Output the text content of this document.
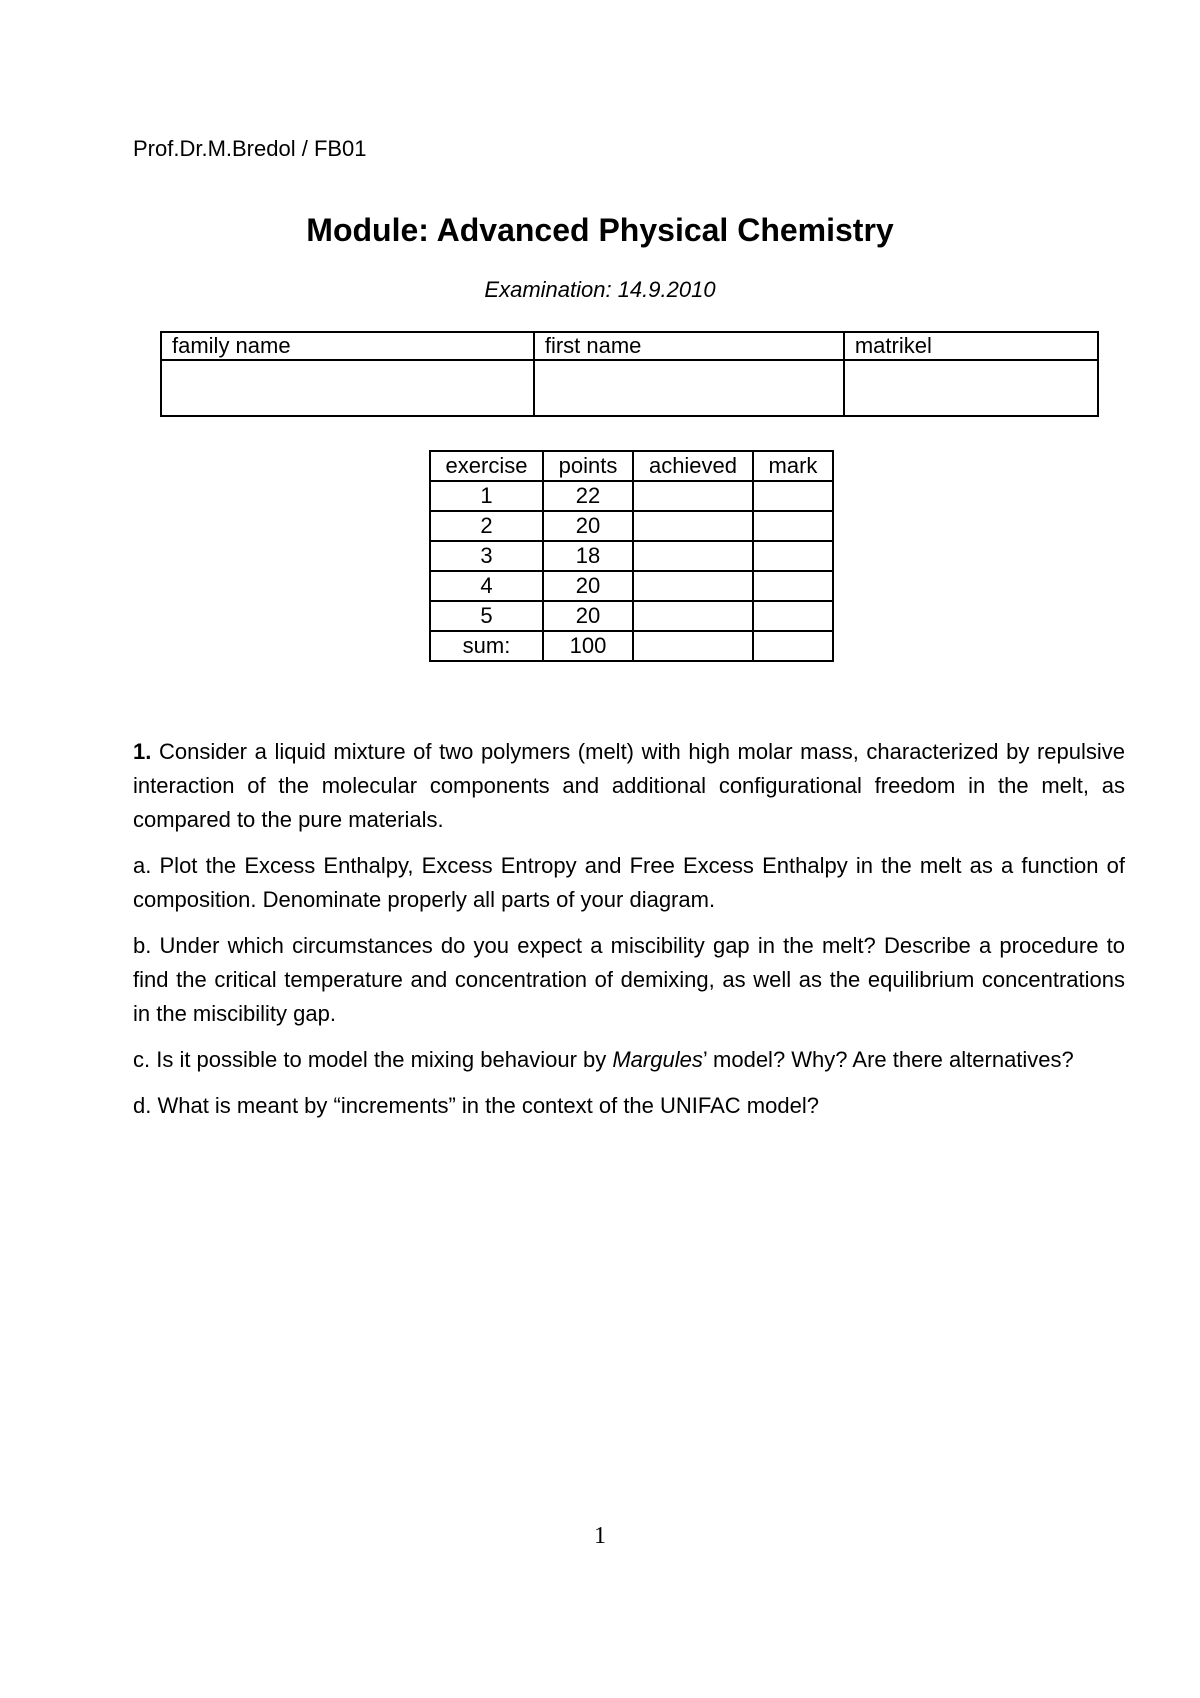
Prof.Dr.M.Bredol / FB01
Module: Advanced Physical Chemistry
Examination: 14.9.2010
family name	first name	matrikel

exercise	points	achieved	mark
1	22		
2	20		
3	18		
4	20		
5	20		
sum:	100		

1. Consider a liquid mixture of two polymers (melt) with high molar mass, characterized by repulsive interaction of the molecular components and additional configurational freedom in the melt, as compared to the pure materials.

a. Plot the Excess Enthalpy, Excess Entropy and Free Excess Enthalpy in the melt as a function of composition. Denominate properly all parts of your diagram.

b. Under which circumstances do you expect a miscibility gap in the melt? Describe a procedure to find the critical temperature and concentration of demixing, as well as the equilibrium concentrations in the miscibility gap.

c. Is it possible to model the mixing behaviour by Margules’ model? Why? Are there alternatives?

d. What is meant by “increments” in the context of the UNIFAC model?

1
